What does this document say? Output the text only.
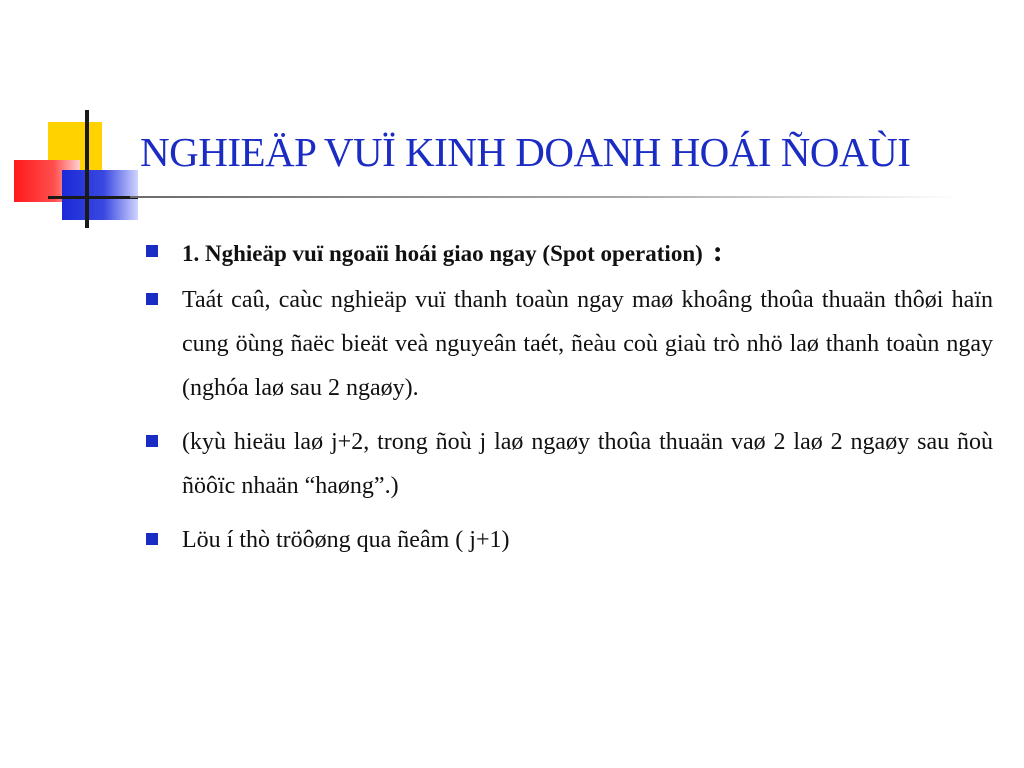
NGHIEÄP VUÏ KINH DOANH HOÁI ÑOAÙI
1. Nghieäp vuï ngoaïi hoái giao ngay (Spot operation) :
Taát caû, caùc nghieäp vuï thanh toaùn ngay maø khoâng thoûa thuaän thôøi haïn cung öùng ñaëc bieät veà nguyeân taét, ñeàu coù giaù trò nhö laø thanh toaùn ngay (nghóa laø sau 2 ngaøy).
(kyù hieäu laø j+2, trong ñoù j laø ngaøy thoûa thuaän vaø 2 laø 2 ngaøy sau ñoù ñöôïc nhaän “haøng”.)
Löu í thò tröôøng qua ñeâm ( j+1)
